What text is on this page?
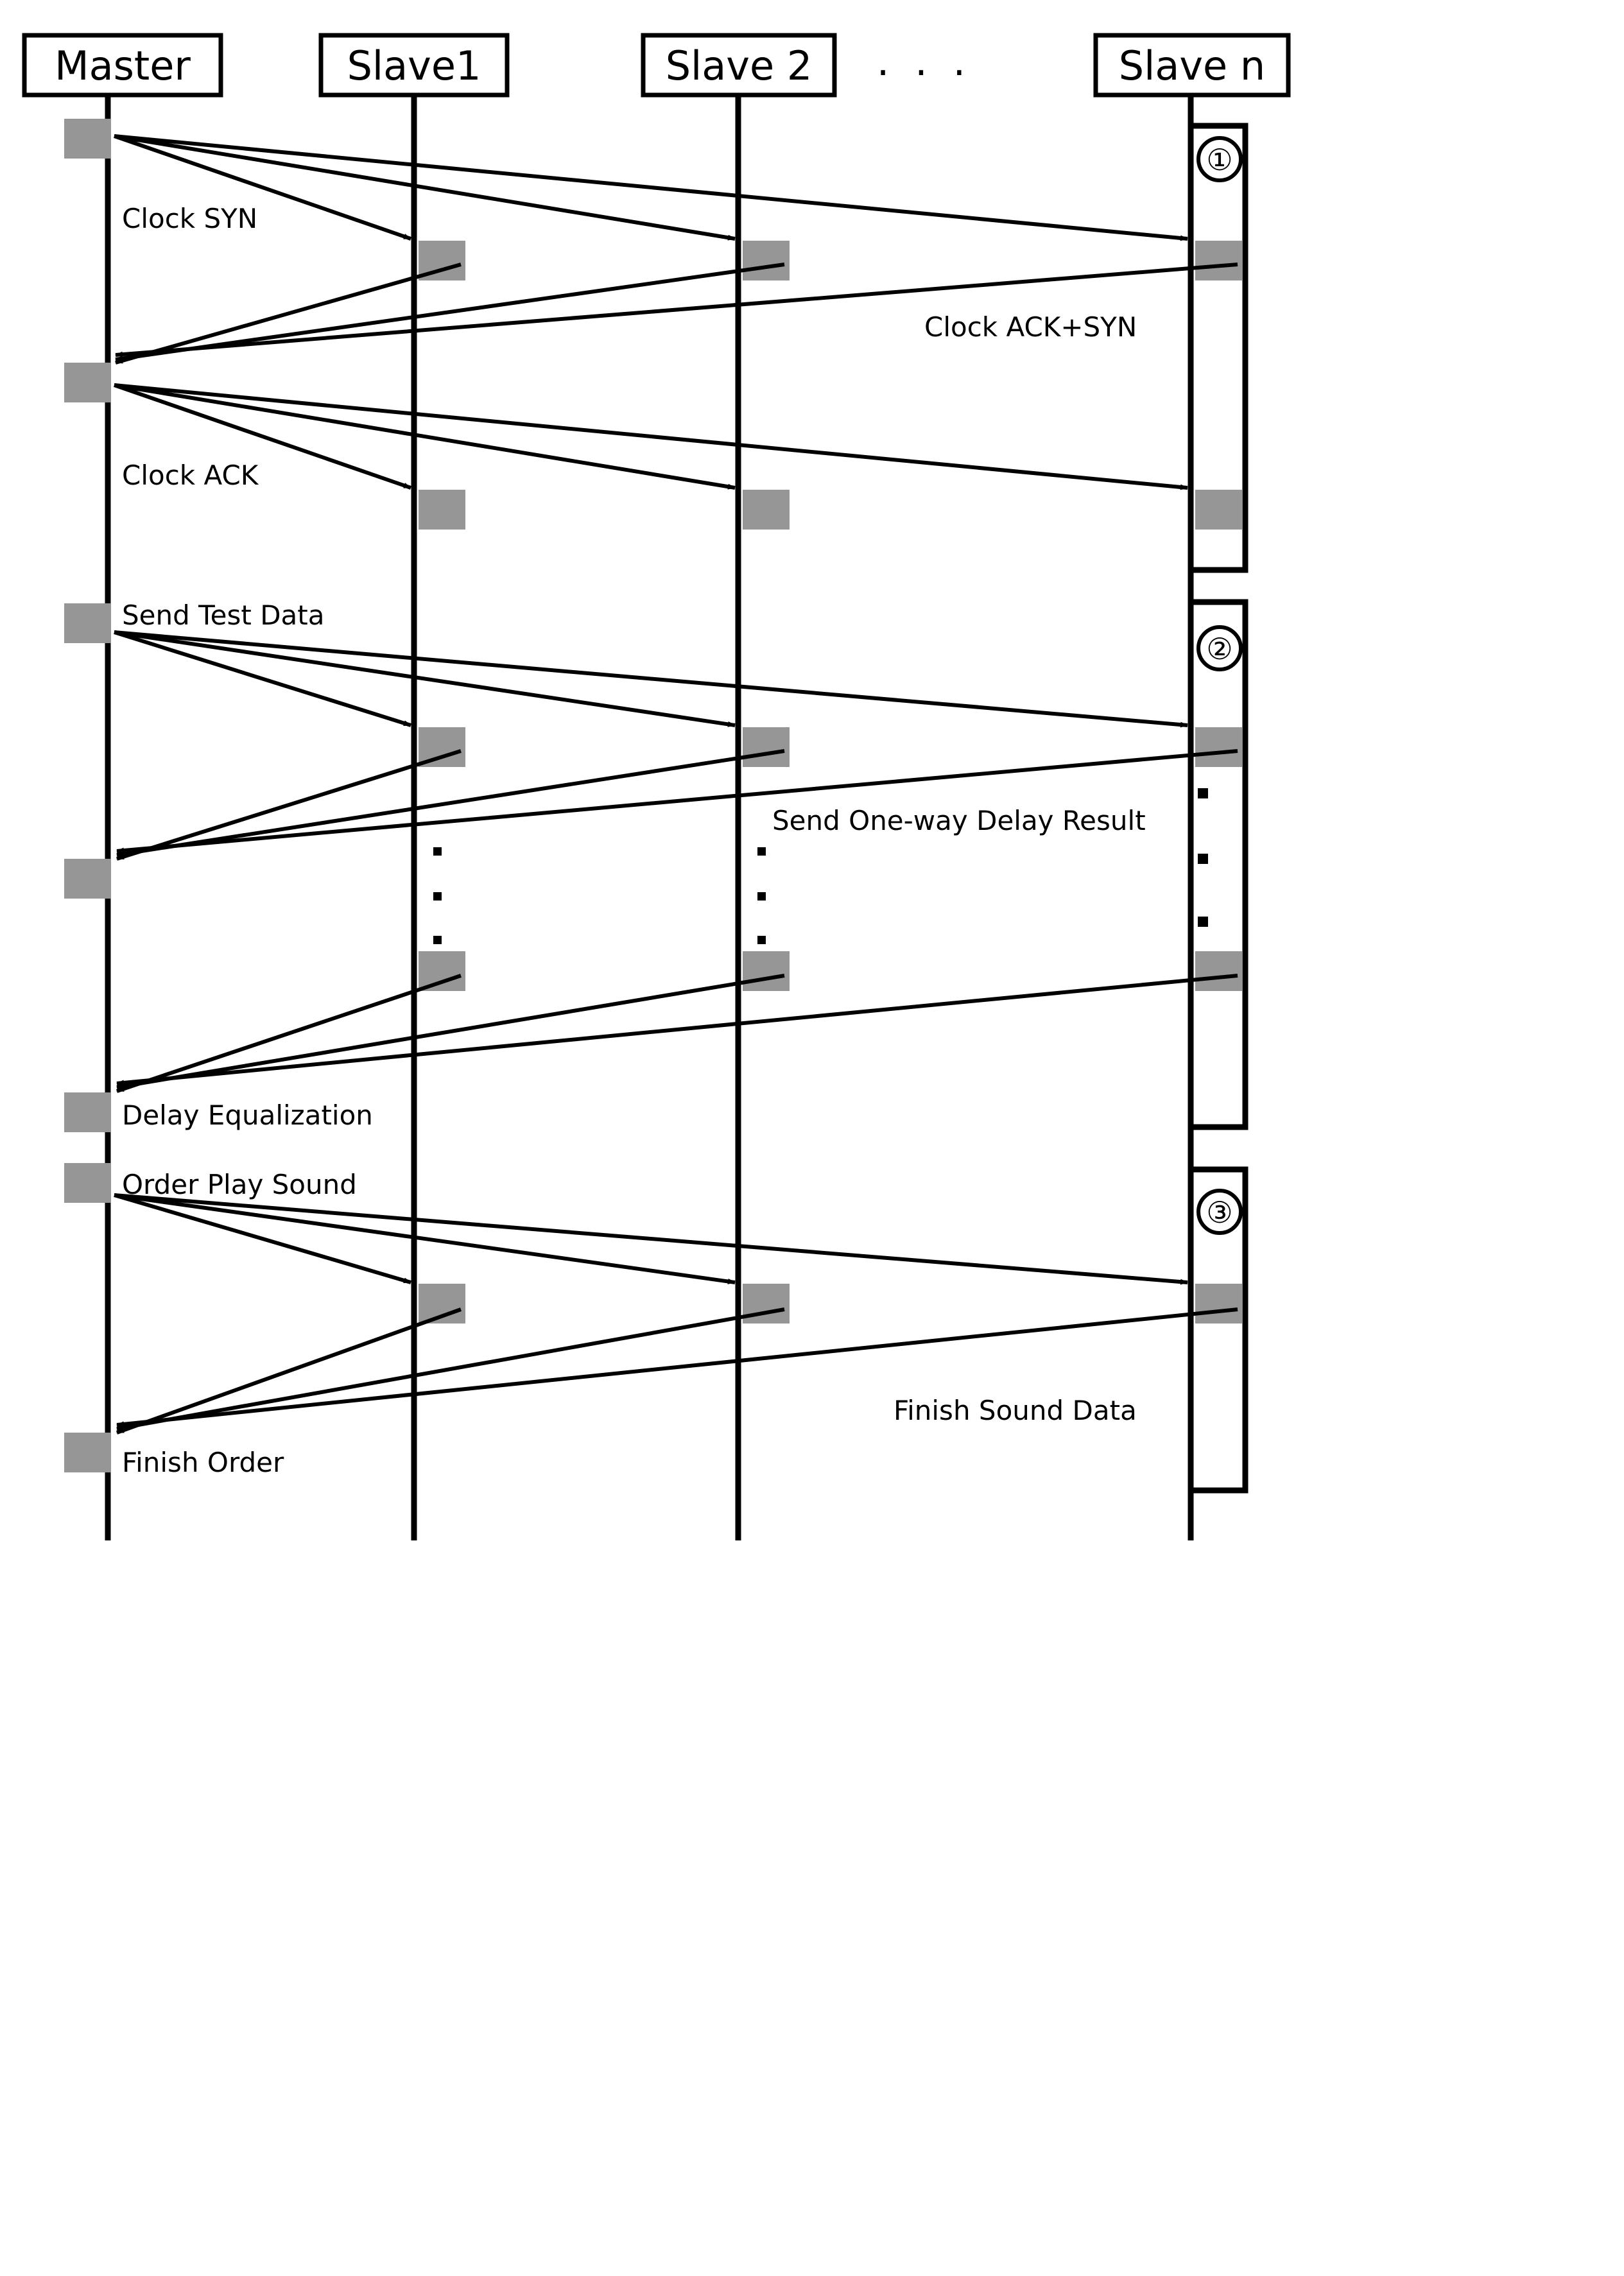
Master	Slave1	Slave 2	Slave n
· · ·
Clock SYN
Clock ACK+SYN
Clock ACK
Send Test Data
Send One-way Delay Result
Delay Equalization
Order Play Sound
Finish Sound Data
Finish Order
①
②
③
